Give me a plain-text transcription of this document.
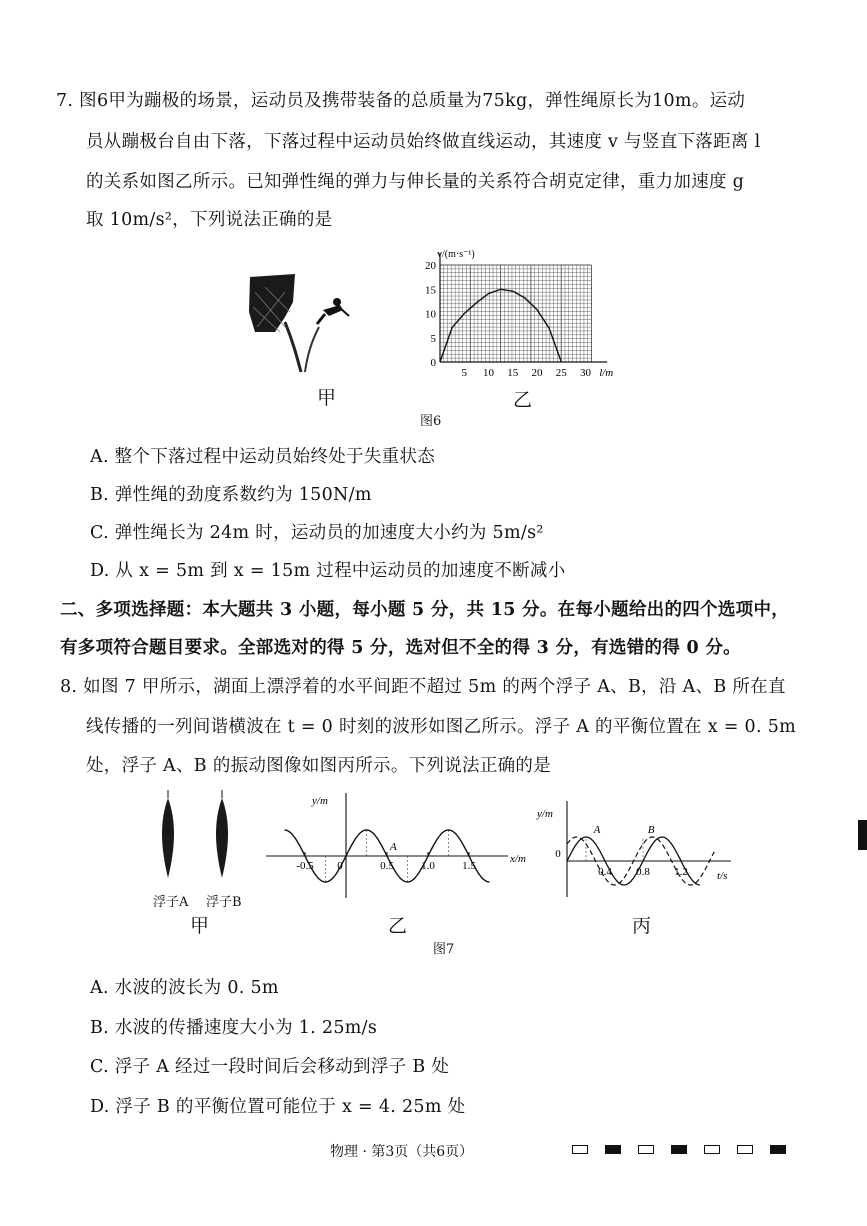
7. 图6甲为蹦极的场景，运动员及携带装备的总质量为75kg，弹性绳原长为10m。运动
员从蹦极台自由下落，下落过程中运动员始终做直线运动，其速度 v 与竖直下落距离 l
的关系如图乙所示。已知弹性绳的弹力与伸长量的关系符合胡克定律，重力加速度 g
取 10m/s²，下列说法正确的是
甲
v/(m·s⁻¹)
l/m
5 10 15 20 25 30
0
5
10
15
20
乙
图6
A. 整个下落过程中运动员始终处于失重状态
B. 弹性绳的劲度系数约为 150N/m
C. 弹性绳长为 24m 时，运动员的加速度大小约为 5m/s²
D. 从 x = 5m 到 x = 15m 过程中运动员的加速度不断减小
二、多项选择题：本大题共 3 小题，每小题 5 分，共 15 分。在每小题给出的四个选项中，
有多项符合题目要求。全部选对的得 5 分，选对但不全的得 3 分，有选错的得 0 分。
8. 如图 7 甲所示，湖面上漂浮着的水平间距不超过 5m 的两个浮子 A、B，沿 A、B 所在直
线传播的一列间谐横波在 t = 0 时刻的波形如图乙所示。浮子 A 的平衡位置在 x = 0. 5m
处，浮子 A、B 的振动图像如图丙所示。下列说法正确的是
浮子A 浮子B
甲
y/m
x/m
-0.5 0	0.5 1.0 1.5
A
乙
y/m
t/s
0
0.4 0.8 1.2
A	B
丙
图7
A. 水波的波长为 0. 5m
B. 水波的传播速度大小为 1. 25m/s
C. 浮子 A 经过一段时间后会移动到浮子 B 处
D. 浮子 B 的平衡位置可能位于 x = 4. 25m 处
物理 · 第3页（共6页）
